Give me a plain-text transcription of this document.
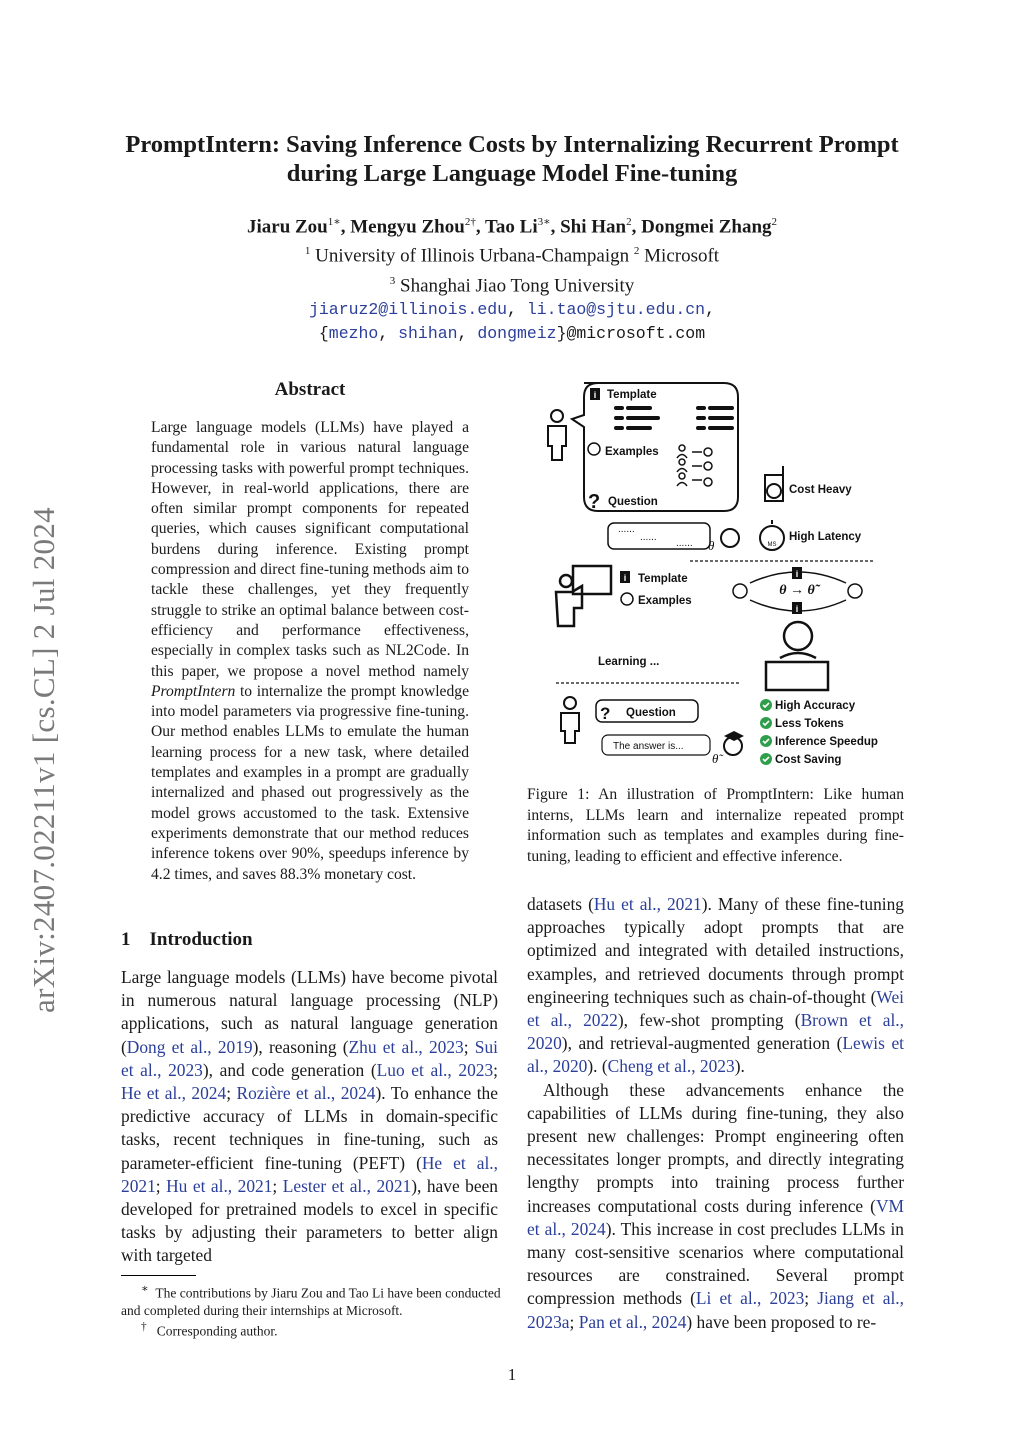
arXiv:2407.02211v1 [cs.CL] 2 Jul 2024
PromptIntern: Saving Inference Costs by Internalizing Recurrent Prompt
during Large Language Model Fine-tuning
Jiaru Zou$^{1∗}$, Mengyu Zhou$^{2\dagger}$, Tao $Li^{3∗}$, Shi Han$^2$, Dongmei Zhang$^2$
$^1$ University of Illinois Urbana-Champaign $^2$ Microsoft
$^3$ Shanghai Jiao Tong University
jiaruz2@illinois.edu, li.tao@sjtu.edu.cn,
{mezho, shihan, dongmeiz}@microsoft.com
Abstract
Large language models (LLMs) have played a fundamental role in various natural language processing tasks with powerful prompt techniques. However, in real-world applications, there are often similar prompt components for repeated queries, which causes significant computational burdens during inference. Existing prompt compression and direct fine-tuning methods aim to tackle these challenges, yet they frequently struggle to strike an optimal balance between cost-efficiency and performance effectiveness, especially in complex tasks such as NL2Code. In this paper, we propose a novel method namely PromptIntern to internalize the prompt knowledge into model parameters via progressive fine-tuning. Our method enables LLMs to emulate the human learning process for a new task, where detailed templates and examples in a prompt are gradually internalized and phased out progressively as the model grows accustomed to the task. Extensive experiments demonstrate that our method reduces inference tokens over 90%, speedups inference by 4.2 times, and saves 88.3% monetary cost.
1 Introduction

Large language models (LLMs) have become pivotal in numerous natural language processing (NLP) applications, such as natural language generation (Dong et al., 2019), reasoning (Zhu et al., 2023; Sui et al., 2023), and code generation (Luo et al., 2023; He et al., 2024; Rozière et al., 2024). To enhance the predictive accuracy of LLMs in domain-specific tasks, recent techniques in fine-tuning, such as parameter-efficient fine-tuning (PEFT) (He et al., 2021; Hu et al., 2021; Lester et al., 2021), have been developed for pretrained models to excel in specific tasks by adjusting their parameters to better align with targeted

∗ The contributions by Jiaru Zou and Tao Li have been conducted and completed during their internships at Microsoft.

† Corresponding author.

i Template
Examples
? Question
Cost Heavy
MS
High Latency
......
......
...... θ
i Template
Examples
i
i
θ → θ̃
Learning ...
? Question
The answer is...
θ̃
High Accuracy
Less Tokens
Inference Speedup
Cost Saving
Figure 1: An illustration of PromptIntern: Like human interns, LLMs learn and internalize repeated prompt information such as templates and examples during fine-tuning, leading to efficient and effective inference.

datasets (Hu et al., 2021). Many of these fine-tuning approaches typically adopt prompts that are optimized and integrated with detailed instructions, examples, and retrieved documents through prompt engineering techniques such as chain-of-thought (Wei et al., 2022), few-shot prompting (Brown et al., 2020), and retrieval-augmented generation (Lewis et al., 2020). (Cheng et al., 2023).

Although these advancements enhance the capabilities of LLMs during fine-tuning, they also present new challenges: Prompt engineering often necessitates longer prompts, and directly integrating lengthy prompts into training process further increases computational costs during inference (VM et al., 2024). This increase in cost precludes LLMs in many cost-sensitive scenarios where computational resources are constrained. Several prompt compression methods (Li et al., 2023; Jiang et al., 2023a; Pan et al., 2024) have been proposed to re-

1
